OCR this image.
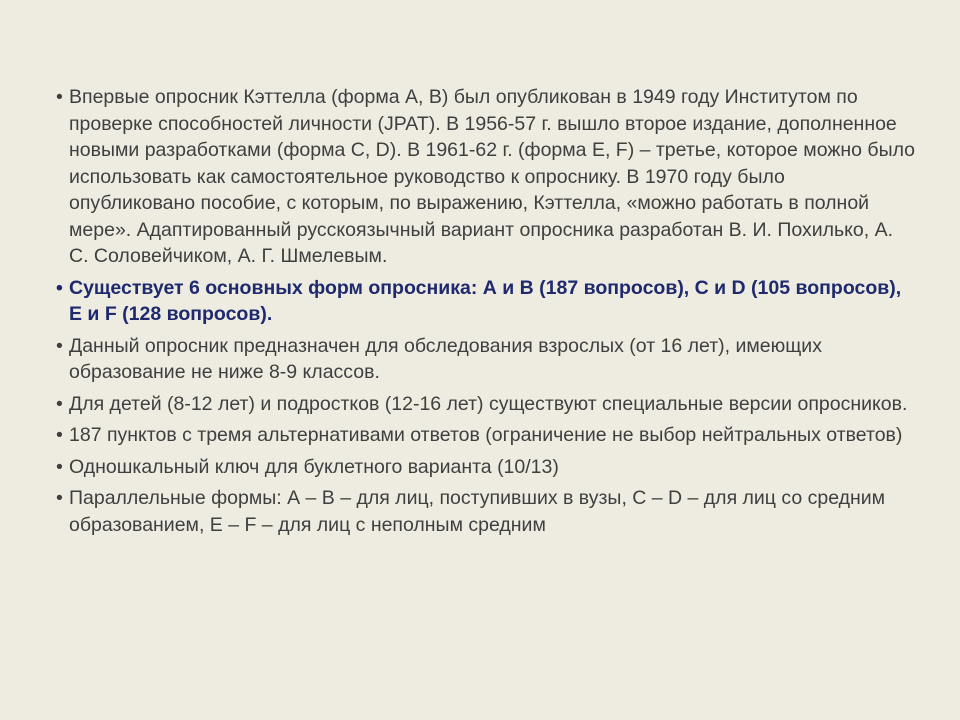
• Впервые опросник Кэттелла (форма А, В) был опубликован в 1949 году Институтом по проверке способностей личности (JPAT). В 1956-57 г. вышло второе издание, дополненное новыми разработками (форма С, D). В 1961-62 г. (форма E, F) – третье, которое можно было использовать как самостоятельное руководство к опроснику. В 1970 году было опубликовано пособие, с которым, по выражению, Кэттелла, «можно работать в полной мере». Адаптированный русскоязычный вариант опросника разработан В. И. Похилько, А. С. Соловейчиком, А. Г. Шмелевым.
• Существует 6 основных форм опросника: А и В (187 вопросов), С и D (105 вопросов), E и F (128 вопросов).
• Данный опросник предназначен для обследования взрослых (от 16 лет), имеющих образование не ниже 8-9 классов.
• Для детей (8-12 лет) и подростков (12-16 лет) существуют специальные версии опросников.
• 187 пунктов с тремя альтернативами ответов (ограничение не выбор нейтральных ответов)
• Одношкальный ключ для буклетного варианта (10/13)
• Параллельные формы: А – В – для лиц, поступивших в вузы, С – D – для лиц со средним образованием, E – F – для лиц с неполным средним
